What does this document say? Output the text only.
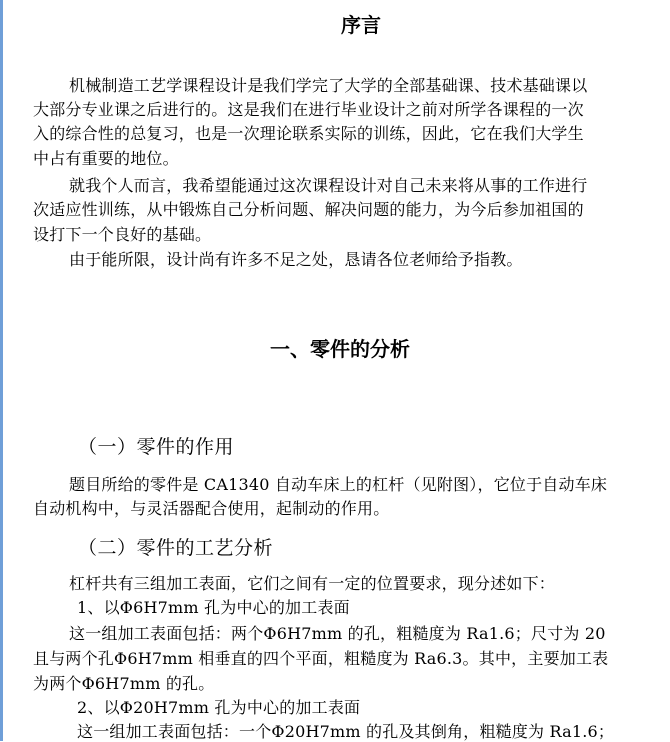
序言
机械制造工艺学课程设计是我们学完了大学的全部基础课、技术基础课以
大部分专业课之后进行的。这是我们在进行毕业设计之前对所学各课程的一次
入的综合性的总复习，也是一次理论联系实际的训练，因此，它在我们大学生
中占有重要的地位。
就我个人而言，我希望能通过这次课程设计对自己未来将从事的工作进行
次适应性训练，从中锻炼自己分析问题、解决问题的能力，为今后参加祖国的
设打下一个良好的基础。
由于能所限，设计尚有许多不足之处，恳请各位老师给予指教。
一、零件的分析
（一）零件的作用
题目所给的零件是 CA1340 自动车床上的杠杆（见附图），它位于自动车床
自动机构中，与灵活器配合使用，起制动的作用。
（二）零件的工艺分析
杠杆共有三组加工表面，它们之间有一定的位置要求，现分述如下：
1、以Φ6H7mm 孔为中心的加工表面
这一组加工表面包括：两个Φ6H7mm 的孔，粗糙度为 Ra1.6；尺寸为 20
且与两个孔Φ6H7mm 相垂直的四个平面，粗糙度为 Ra6.3。其中，主要加工表
为两个Φ6H7mm 的孔。
2、以Φ20H7mm 孔为中心的加工表面
这一组加工表面包括：一个Φ20H7mm 的孔及其倒角，粗糙度为 Ra1.6；
